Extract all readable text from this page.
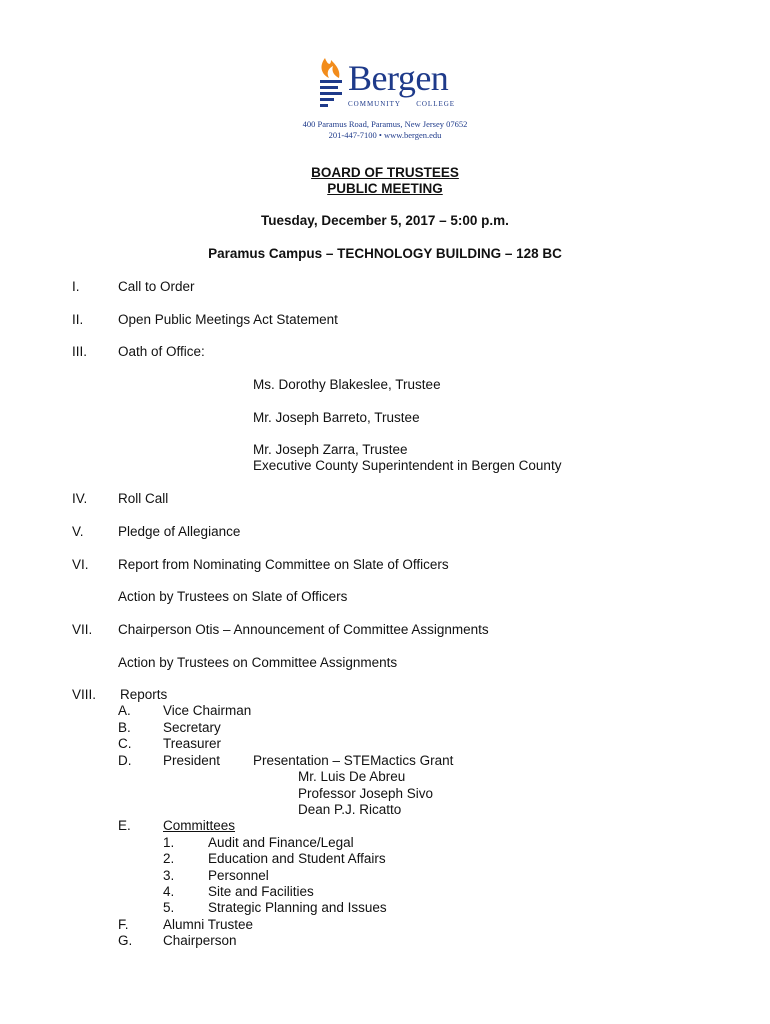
Bergen
COMMUNITY COLLEGE
400 Paramus Road, Paramus, New Jersey 07652
201-447-7100 • www.bergen.edu
BOARD OF TRUSTEES
PUBLIC MEETING
Tuesday, December 5, 2017 – 5:00 p.m.
Paramus Campus – TECHNOLOGY BUILDING – 128 BC
I.	Call to Order
II.	Open Public Meetings Act Statement
III. Oath of Office:
Ms. Dorothy Blakeslee, Trustee
Mr. Joseph Barreto, Trustee
Mr. Joseph Zarra, Trustee
Executive County Superintendent in Bergen County
IV. Roll Call
V.	Pledge of Allegiance
VI. Report from Nominating Committee on Slate of Officers
Action by Trustees on Slate of Officers
VII. Chairperson Otis – Announcement of Committee Assignments
Action by Trustees on Committee Assignments
VIII. Reports
A. Vice Chairman
B. Secretary
C. Treasurer
D. President Presentation – STEMactics Grant
Mr. Luis De Abreu
Professor Joseph Sivo
Dean P.J. Ricatto
E. Committees
1. Audit and Finance/Legal
2. Education and Student Affairs
3. Personnel
4. Site and Facilities
5. Strategic Planning and Issues
F.	Alumni Trustee
G. Chairperson
